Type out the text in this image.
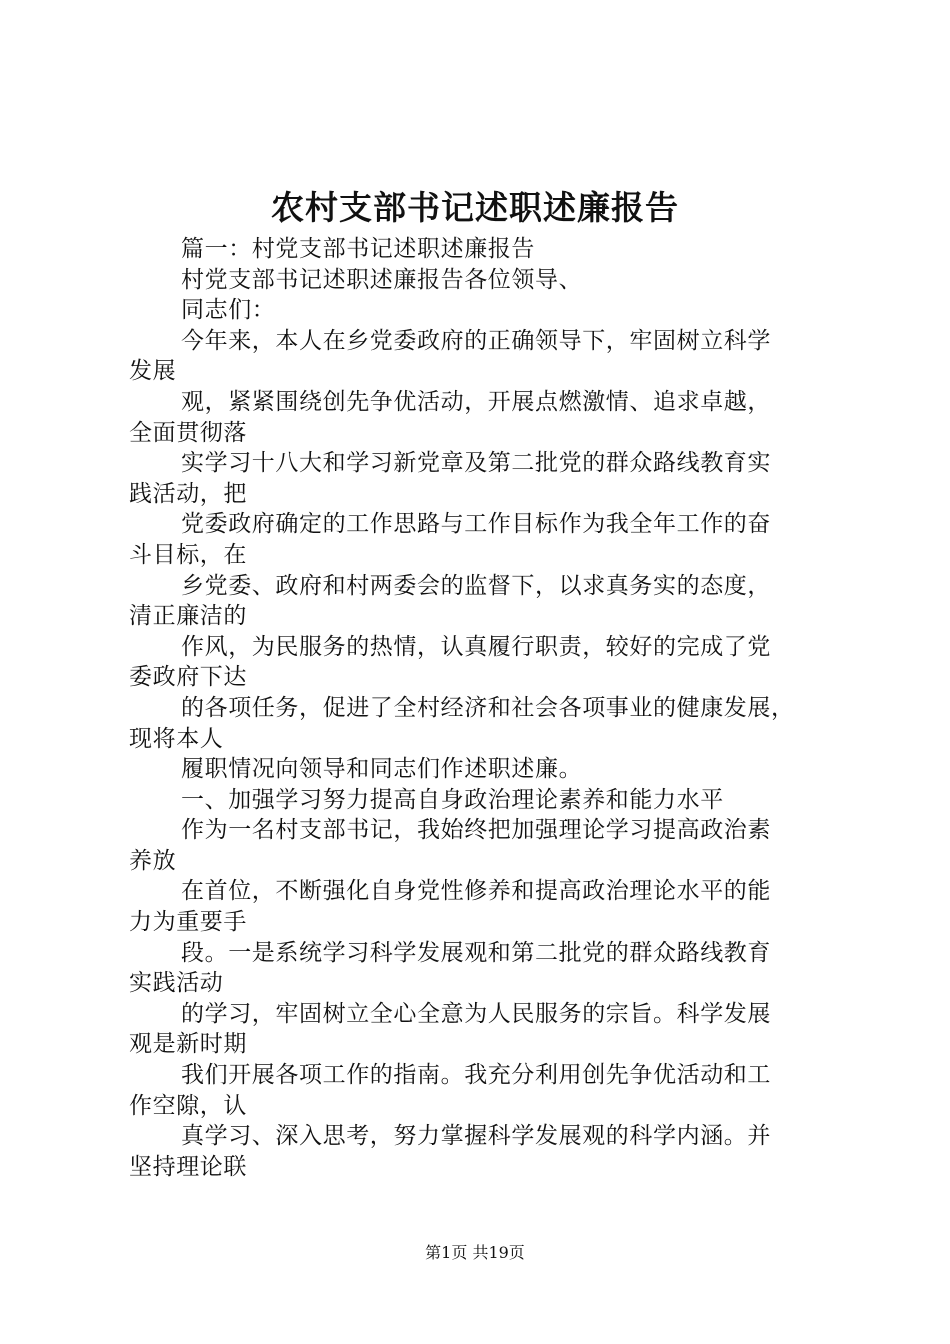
农村支部书记述职述廉报告
篇一：村党支部书记述职述廉报告
村党支部书记述职述廉报告各位领导、
同志们：
今年来，本人在乡党委政府的正确领导下，牢固树立科学
发展
观，紧紧围绕创先争优活动，开展点燃激情、追求卓越，
全面贯彻落
实学习十八大和学习新党章及第二批党的群众路线教育实
践活动，把
党委政府确定的工作思路与工作目标作为我全年工作的奋
斗目标，在
乡党委、政府和村两委会的监督下，以求真务实的态度，
清正廉洁的
作风，为民服务的热情，认真履行职责，较好的完成了党
委政府下达
的各项任务，促进了全村经济和社会各项事业的健康发展，
现将本人
履职情况向领导和同志们作述职述廉。
一、加强学习努力提高自身政治理论素养和能力水平
作为一名村支部书记，我始终把加强理论学习提高政治素
养放
在首位，不断强化自身党性修养和提高政治理论水平的能
力为重要手
段。一是系统学习科学发展观和第二批党的群众路线教育
实践活动
的学习，牢固树立全心全意为人民服务的宗旨。科学发展
观是新时期
我们开展各项工作的指南。我充分利用创先争优活动和工
作空隙，认
真学习、深入思考，努力掌握科学发展观的科学内涵。并
坚持理论联
第1页 共19页
